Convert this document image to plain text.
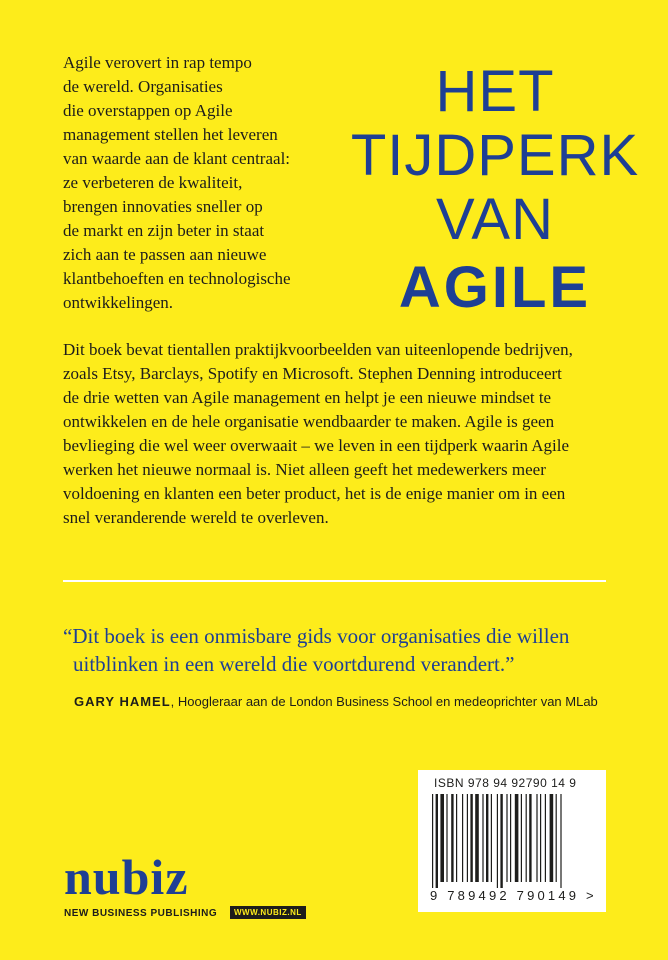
Agile verovert in rap tempo
de wereld. Organisaties
die overstappen op Agile
management stellen het leveren
van waarde aan de klant centraal:
ze verbeteren de kwaliteit,
brengen innovaties sneller op
de markt en zijn beter in staat
zich aan te passen aan nieuwe
klantbehoeften en technologische
ontwikkelingen.

HET
TIJDPERK
VAN
AGILE

Dit boek bevat tientallen praktijkvoorbeelden van uiteenlopende bedrijven,
zoals Etsy, Barclays, Spotify en Microsoft. Stephen Denning introduceert
de drie wetten van Agile management en helpt je een nieuwe mindset te
ontwikkelen en de hele organisatie wendbaarder te maken. Agile is geen
bevlieging die wel weer overwaait – we leven in een tijdperk waarin Agile
werken het nieuwe normaal is. Niet alleen geeft het medewerkers meer
voldoening en klanten een beter product, het is de enige manier om in een
snel veranderende wereld te overleven.

“Dit boek is een onmisbare gids voor organisaties die willen
uitblinken in een wereld die voortdurend verandert.”

GARY HAMEL, Hoogleraar aan de London Business School en medeoprichter van MLab
ISBN 978 94 92790 14 9
9 789492 790149 >
nubiz
NEW BUSINESS PUBLISHING	WWW.NUBIZ.NL
